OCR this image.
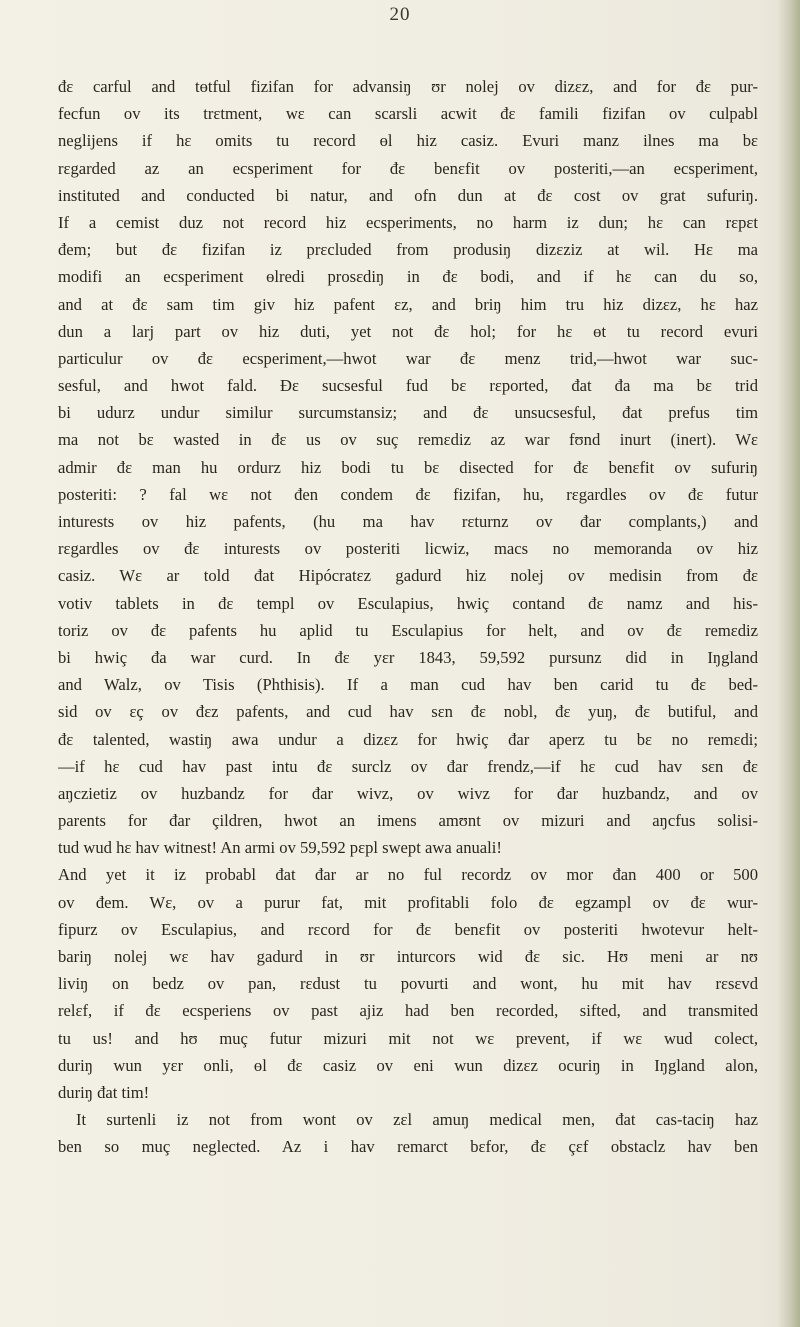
20
đɛ carful and tɵtful fizifan for advansiŋ ʊr nolej ov dizɛz, and for đɛ pur-
fecfun ov its trɛtment, wɛ can scarsli acwit đɛ famili fizifan ov culpabl
neglijens if hɛ omits tu record ɵl hiz casiz. Evuri manz ilnes ma bɛ
rɛgarded az an ecsperiment for đɛ benɛfit ov posteriti,—an ecsperiment,
instituted and conducted bi natur, and ofn dun at đɛ cost ov grat sufuriŋ.
If a cemist duz not record hiz ecsperiments, no harm iz dun; hɛ can rɛpɛt
đem; but đɛ fizifan iz prɛcluded from produsiŋ dizɛziz at wil. Hɛ ma
modifi an ecsperiment ɵlredi prosɛdiŋ in đɛ bodi, and if hɛ can du so,
and at đɛ sam tim giv hiz pafent ɛz, and briŋ him tru hiz dizɛz, hɛ haz
dun a larj part ov hiz duti, yet not đɛ hol; for hɛ ɵt tu record evuri
particulur ov đɛ ecsperiment,—hwot war đɛ menz trid,—hwot war suc-
sesful, and hwot fald. Đɛ sucsesful fud bɛ rɛported, đat đa ma bɛ trid
bi udurz undur similur surcumstansiz; and đɛ unsucsesful, đat prefus tim
ma not bɛ wasted in đɛ us ov suç remɛdiz az war fʊnd inurt (inert). Wɛ
admir đɛ man hu ordurz hiz bodi tu bɛ disected for đɛ benɛfit ov sufuriŋ
posteriti: ? fal wɛ not đen condem đɛ fizifan, hu, rɛgardles ov đɛ futur
inturests ov hiz pafents, (hu ma hav rɛturnz ov đar complants,) and
rɛgardles ov đɛ inturests ov posteriti licwiz, macs no memoranda ov hiz
casiz. Wɛ ar told đat Hipócratɛz gadurd hiz nolej ov medisin from đɛ
votiv tablets in đɛ templ ov Esculapius, hwiç contand đɛ namz and his-
toriz ov đɛ pafents hu aplid tu Esculapius for helt, and ov đɛ remɛdiz
bi hwiç đa war curd. In đɛ yɛr 1843, 59,592 pursunz did in Iŋgland
and Walz, ov Tisis (Phthisis). If a man cud hav ben carid tu đɛ bed-
sid ov ɛç ov đɛz pafents, and cud hav sɛn đɛ nobl, đɛ yuŋ, đɛ butiful, and
đɛ talented, wastiŋ awa undur a dizɛz for hwiç đar aperz tu bɛ no remɛdi;
—if hɛ cud hav past intu đɛ surclz ov đar frendz,—if hɛ cud hav sɛn đɛ
aŋczietiz ov huzbandz for đar wivz, ov wivz for đar huzbandz, and ov
parents for đar çildren, hwot an imens amʊnt ov mizuri and aŋcfus solisi-
tud wud hɛ hav witnest! An armi ov 59,592 pɛpl swept awa anuali!
And yet it iz probabl đat đar ar no ful recordz ov mor đan 400 or 500
ov đem. Wɛ, ov a purur fat, mit profitabli folo đɛ egzampl ov đɛ wur-
fipurz ov Esculapius, and rɛcord for đɛ benɛfit ov posteriti hwotevur helt-
bariŋ nolej wɛ hav gadurd in ʊr inturcors wid đɛ sic. Hʊ meni ar nʊ
liviŋ on bedz ov pan, rɛdust tu povurti and wont, hu mit hav rɛsɛvd
relɛf, if đɛ ecsperiens ov past ajiz had ben recorded, sifted, and transmited
tu us! and hʊ muç futur mizuri mit not wɛ prevent, if wɛ wud colect,
duriŋ wun yɛr onli, ɵl đɛ casiz ov eni wun dizɛz ocuriŋ in Iŋgland alon,
duriŋ đat tim!
It surtenli iz not from wont ov zɛl amuŋ medical men, đat cas-taciŋ haz
ben so muç neglected. Az i hav remarct bɛfor, đɛ çɛf obstaclz hav ben
